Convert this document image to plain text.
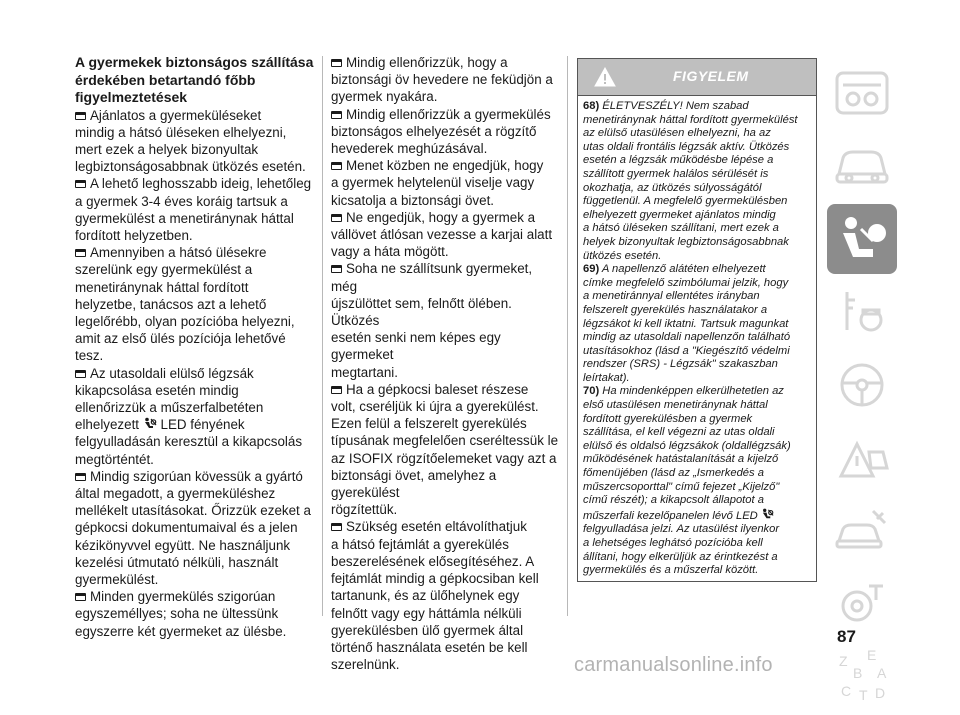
A gyermekek biztonságos szállítása
érdekében betartandó főbb
figyelmeztetések

Ajánlatos a gyermeküléseket
mindig a hátsó üléseken elhelyezni,
mert ezek a helyek bizonyultak
legbiztonságosabbnak ütközés esetén.

A lehető leghosszabb ideig, lehetőleg
a gyermek 3-4 éves koráig tartsuk a
gyermekülést a menetiránynak háttal
fordított helyzetben.

Amennyiben a hátsó ülésekre
szerelünk egy gyermekülést a
menetiránynak háttal fordított
helyzetbe, tanácsos azt a lehető
legelőrébb, olyan pozícióba helyezni,
amit az első ülés pozíciója lehetővé
tesz.

Az utasoldali elülső légzsák
kikapcsolása esetén mindig
ellenőrizzük a műszerfalbetéten
elhelyezett LED fényének
felgyulladásán keresztül a kikapcsolás
megtörténtét.

Mindig szigorúan kövessük a gyártó
által megadott, a gyermeküléshez
mellékelt utasításokat. Őrizzük ezeket a
gépkocsi dokumentumaival és a jelen
kézikönyvvel együtt. Ne használjunk
kezelési útmutató nélküli, használt
gyermekülést.

Minden gyermekülés szigorúan
egyszeméllyes; soha ne ültessünk
egyszerre két gyermeket az ülésbe.

Mindig ellenőrizzük, hogy a
biztonsági öv hevedere ne feküdjön a
gyermek nyakára.

Mindig ellenőrizzük a gyermekülés
biztonságos elhelyezését a rögzítő
hevederek meghúzásával.

Menet közben ne engedjük, hogy
a gyermek helytelenül viselje vagy
kicsatolja a biztonsági övet.

Ne engedjük, hogy a gyermek a
vállövet átlósan vezesse a karjai alatt
vagy a háta mögött.

Soha ne szállítsunk gyermeket, még
újszülöttet sem, felnőtt ölében. Ütközés
esetén senki nem képes egy gyermeket
megtartani.

Ha a gépkocsi baleset részese
volt, cseréljük ki újra a gyerekülést.
Ezen felül a felszerelt gyerekülés
típusának megfelelően cseréltessük le
az ISOFIX rögzítőelemeket vagy azt a
biztonsági övet, amelyhez a gyerekülést
rögzítettük.

Szükség esetén eltávolíthatjuk
a hátsó fejtámlát a gyerekülés
beszerelésének elősegítéséhez. A
fejtámlát mindig a gépkocsiban kell
tartanunk, és az ülőhelynek egy
felnőtt vagy egy háttámla nélküli
gyerekülésben ülő gyermek által
történő használata esetén be kell
szerelnünk.

FIGYELEM

68) ÉLETVESZÉLY! Nem szabad
menetiránynak háttal fordított gyermekülést
az elülső utasülésen elhelyezni, ha az
utas oldali frontális légzsák aktív. Ütközés
esetén a légzsák működésbe lépése a
szállított gyermek halálos sérülését is
okozhatja, az ütközés súlyosságától
függetlenül. A megfelelő gyermekülésben
elhelyezett gyermeket ajánlatos mindig
a hátsó üléseken szállítani, mert ezek a
helyek bizonyultak legbiztonságosabbnak
ütközés esetén.

69) A napellenző alátéten elhelyezett
címke megfelelő szimbólumai jelzik, hogy
a menetiránnyal ellentétes irányban
felszerelt gyerekülés használatakor a
légzsákot ki kell iktatni. Tartsuk magunkat
mindig az utasoldali napellenzőn található
utasításokhoz (lásd a "Kiegészítő védelmi
rendszer (SRS) - Légzsák" szakaszban
leírtakat).

70) Ha mindenképpen elkerülhetetlen az
első utasülésen menetiránynak háttal
fordított gyerekülésben a gyermek
szállítása, el kell végezni az utas oldali
elülső és oldalsó légzsákok (oldallégzsák)
működésének hatástalanítását a kijelző
főmenüjében (lásd az „Ismerkedés a
műszercsoporttal" című fejezet „Kijelző"
című részét); a kikapcsolt állapotot a
műszerfali kezelőpanelen lévő LED
felgyulladása jelzi. Az utasülést ilyenkor
a lehetséges leghátsó pozícióba kell
állítani, hogy elkerüljük az érintkezést a
gyermekülés és a műszerfal között.

Z E
B A
C T D
87
carmanualsonline.info
